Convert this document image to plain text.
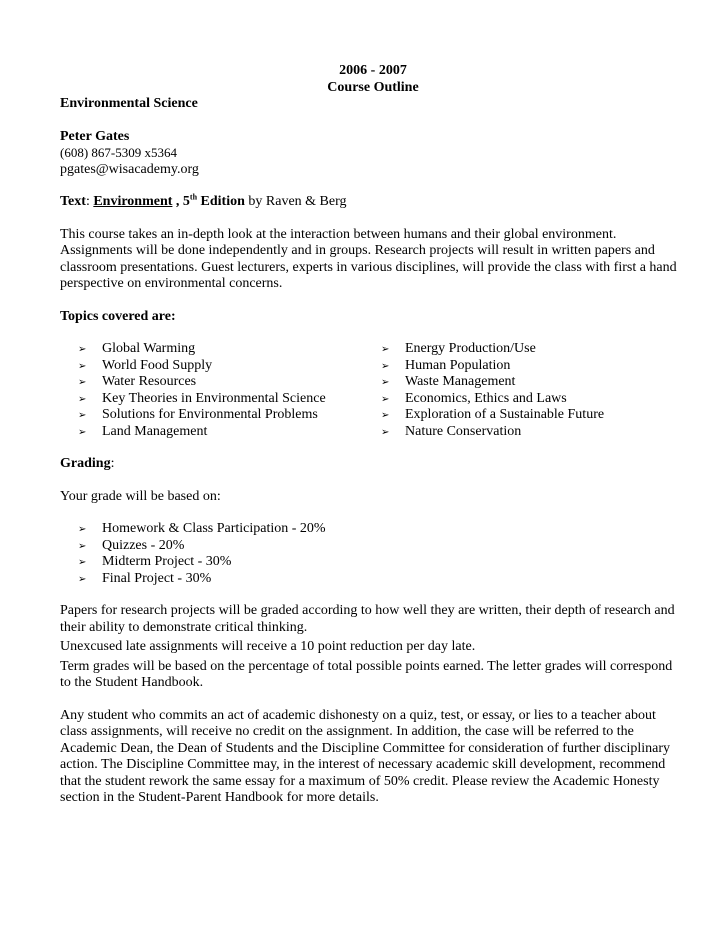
2006 - 2007

Course Outline

Environmental Science

Peter Gates

(608) 867-5309 x5364

pgates@wisacademy.org

Text: Environment , 5th Edition by Raven & Berg

This course takes an in-depth look at the interaction between humans and their global environment. Assignments will be done independently and in groups. Research projects will result in written papers and classroom presentations. Guest lecturers, experts in various disciplines, will provide the class with first a hand perspective on environmental concerns.

Topics covered are:

➢	Global Warming
➢	World Food Supply
➢	Water Resources
➢	Key Theories in Environmental Science
➢	Solutions for Environmental Problems
➢	Land Management
➢	Energy Production/Use
➢	Human Population
➢	Waste Management
➢	Economics, Ethics and Laws
➢	Exploration of a Sustainable Future
➢	Nature Conservation

Grading:

Your grade will be based on:

➢	Homework & Class Participation - 20%
➢	Quizzes - 20%
➢	Midterm Project - 30%
➢	Final Project - 30%

Papers for research projects will be graded according to how well they are written, their depth of research and their ability to demonstrate critical thinking.

Unexcused late assignments will receive a 10 point reduction per day late.

Term grades will be based on the percentage of total possible points earned. The letter grades will correspond to the Student Handbook.

Any student who commits an act of academic dishonesty on a quiz, test, or essay, or lies to a teacher about class assignments, will receive no credit on the assignment. In addition, the case will be referred to the Academic Dean, the Dean of Students and the Discipline Committee for consideration of further disciplinary action. The Discipline Committee may, in the interest of necessary academic skill development, recommend that the student rework the same essay for a maximum of 50% credit. Please review the Academic Honesty section in the Student-Parent Handbook for more details.
